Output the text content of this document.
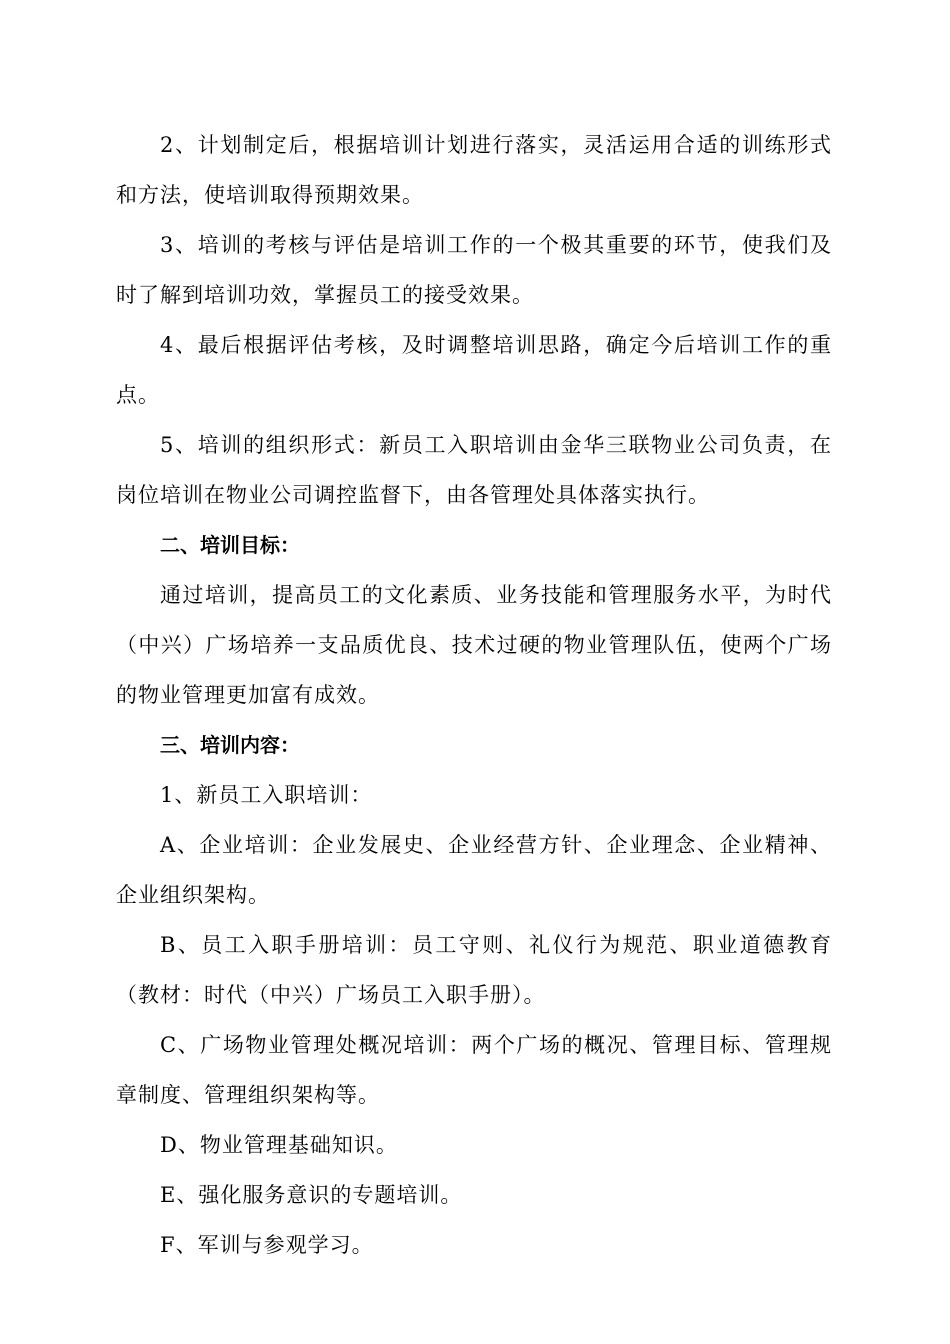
2、计划制定后，根据培训计划进行落实，灵活运用合适的训练形式和方法，使培训取得预期效果。

3、培训的考核与评估是培训工作的一个极其重要的环节，使我们及时了解到培训功效，掌握员工的接受效果。

4、最后根据评估考核，及时调整培训思路，确定今后培训工作的重点。

5、培训的组织形式：新员工入职培训由金华三联物业公司负责，在岗位培训在物业公司调控监督下，由各管理处具体落实执行。

二、培训目标：

通过培训，提高员工的文化素质、业务技能和管理服务水平，为时代（中兴）广场培养一支品质优良、技术过硬的物业管理队伍，使两个广场的物业管理更加富有成效。

三、培训内容：

1、新员工入职培训：

A、企业培训：企业发展史、企业经营方针、企业理念、企业精神、企业组织架构。

B、员工入职手册培训：员工守则、礼仪行为规范、职业道德教育（教材：时代（中兴）广场员工入职手册）。

C、广场物业管理处概况培训：两个广场的概况、管理目标、管理规章制度、管理组织架构等。

D、物业管理基础知识。

E、强化服务意识的专题培训。

F、军训与参观学习。
